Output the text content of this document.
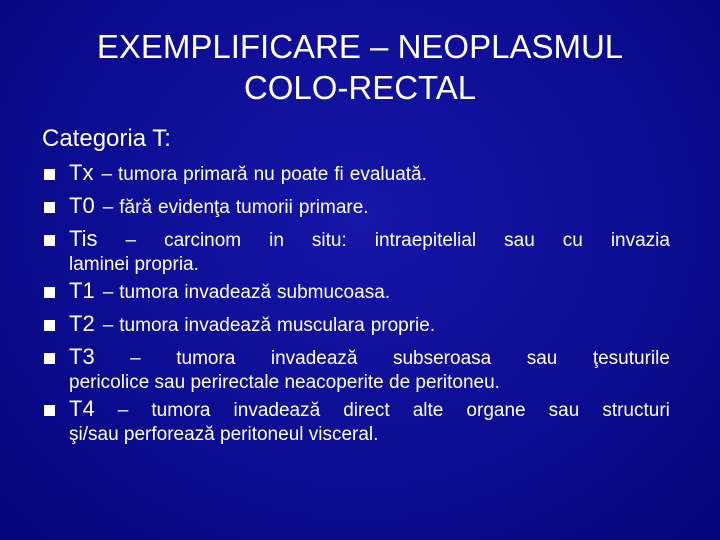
EXEMPLIFICARE – NEOPLASMUL
COLO-RECTAL
Categoria T:
Tx – tumora primară nu poate fi evaluată.
T0 – fără evidenţa tumorii primare.
Tis – carcinom in situ: intraepitelial sau cu invazia
laminei propria.
T1 – tumora invadează submucoasa.
T2 – tumora invadează musculara proprie.
T3 – tumora invadează subseroasa sau ţesuturile
pericolice sau perirectale neacoperite de peritoneu.
T4 – tumora invadează direct alte organe sau structuri
şi/sau perforează peritoneul visceral.
